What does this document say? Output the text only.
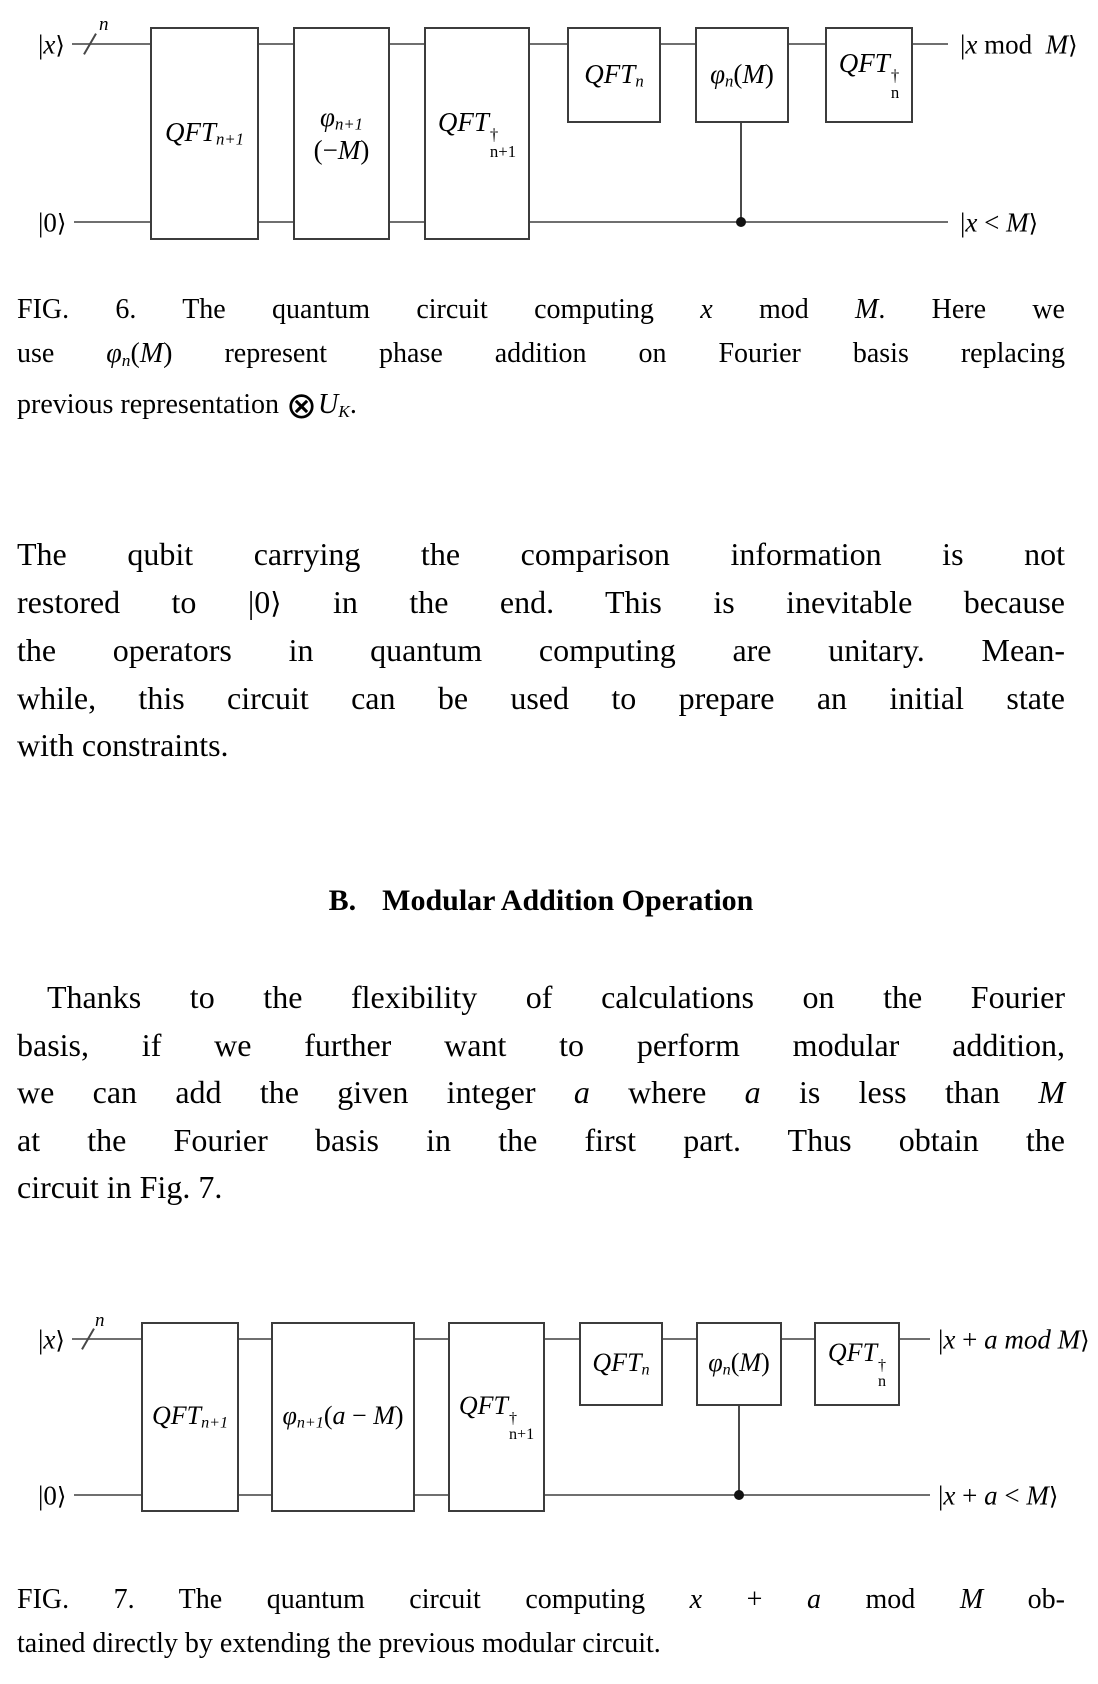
n
|x⟩
|0⟩
QFTn+1
φn+1
(−M)
QFT †
n+1
QFTn φn(M) QFT †
n
|x mod  M⟩
|x < M⟩
FIG. 6. The quantum circuit computing x mod M. Here we
use φn(M) represent phase addition on Fourier basis replacing
previous representation ⊗UK.
The qubit carrying the comparison information is not
restored to |0⟩ in the end. This is inevitable because
the operators in quantum computing are unitary. Mean-
while, this circuit can be used to prepare an initial state
with constraints.
B. Modular Addition Operation
Thanks to the flexibility of calculations on the Fourier
basis, if we further want to perform modular addition,
we can add the given integer a where a is less than M
at the Fourier basis in the first part. Thus obtain the
circuit in Fig. 7.
n
|x⟩
|0⟩
QFTn+1 φn+1(a − M) QFT †
n+1
QFTn φn(M) QFT †
n
|x + a mod M⟩
|x + a < M⟩
FIG. 7. The quantum circuit computing x + a mod M ob-
tained directly by extending the previous modular circuit.
